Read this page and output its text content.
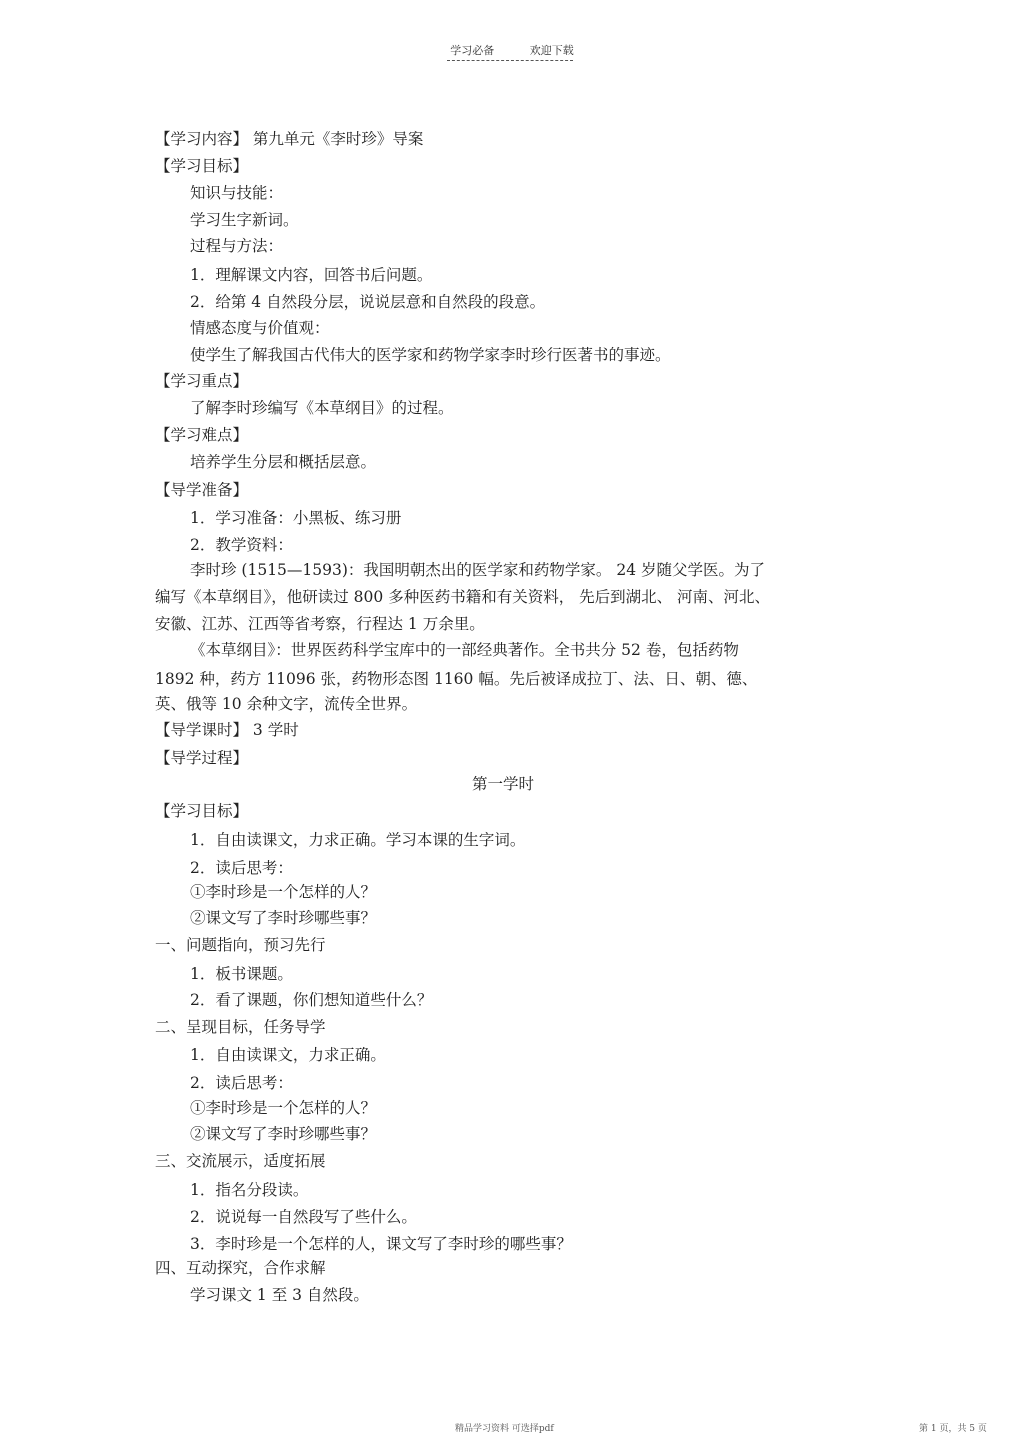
学习必备	欢迎下载
【学习内容】 第九单元《李时珍》导案
【学习目标】
知识与技能：
学习生字新词。
过程与方法：
1．理解课文内容，回答书后问题。
2．给第 4 自然段分层，说说层意和自然段的段意。
情感态度与价值观：
使学生了解我国古代伟大的医学家和药物学家李时珍行医著书的事迹。
【学习重点】
了解李时珍编写《本草纲目》的过程。
【学习难点】
培养学生分层和概括层意。
【导学准备】
1．学习准备：小黑板、练习册
2．教学资料：
李时珍 (1515—1593)：我国明朝杰出的医学家和药物学家。 24 岁随父学医。为了
编写《本草纲目》，他研读过 800 多种医药书籍和有关资料， 先后到湖北、 河南、河北、
安徽、江苏、江西等省考察，行程达 1 万余里。
《本草纲目》：世界医药科学宝库中的一部经典著作。全书共分 52 卷，包括药物
1892 种，药方 11096 张，药物形态图 1160 幅。先后被译成拉丁、法、日、朝、德、
英、俄等 10 余种文字，流传全世界。
【导学课时】 3 学时
【导学过程】
第一学时
【学习目标】
1．自由读课文，力求正确。学习本课的生字词。
2．读后思考：
①李时珍是一个怎样的人？
②课文写了李时珍哪些事？
一、问题指向，预习先行
1．板书课题。
2．看了课题，你们想知道些什么？
二、呈现目标，任务导学
1．自由读课文，力求正确。
2．读后思考：
①李时珍是一个怎样的人？
②课文写了李时珍哪些事？
三、交流展示，适度拓展
1．指名分段读。
2．说说每一自然段写了些什么。
3．李时珍是一个怎样的人，课文写了李时珍的哪些事？
四、互动探究，合作求解
学习课文 1 至 3 自然段。
精品学习资料 可选择pdf	第 1 页，共 5 页
